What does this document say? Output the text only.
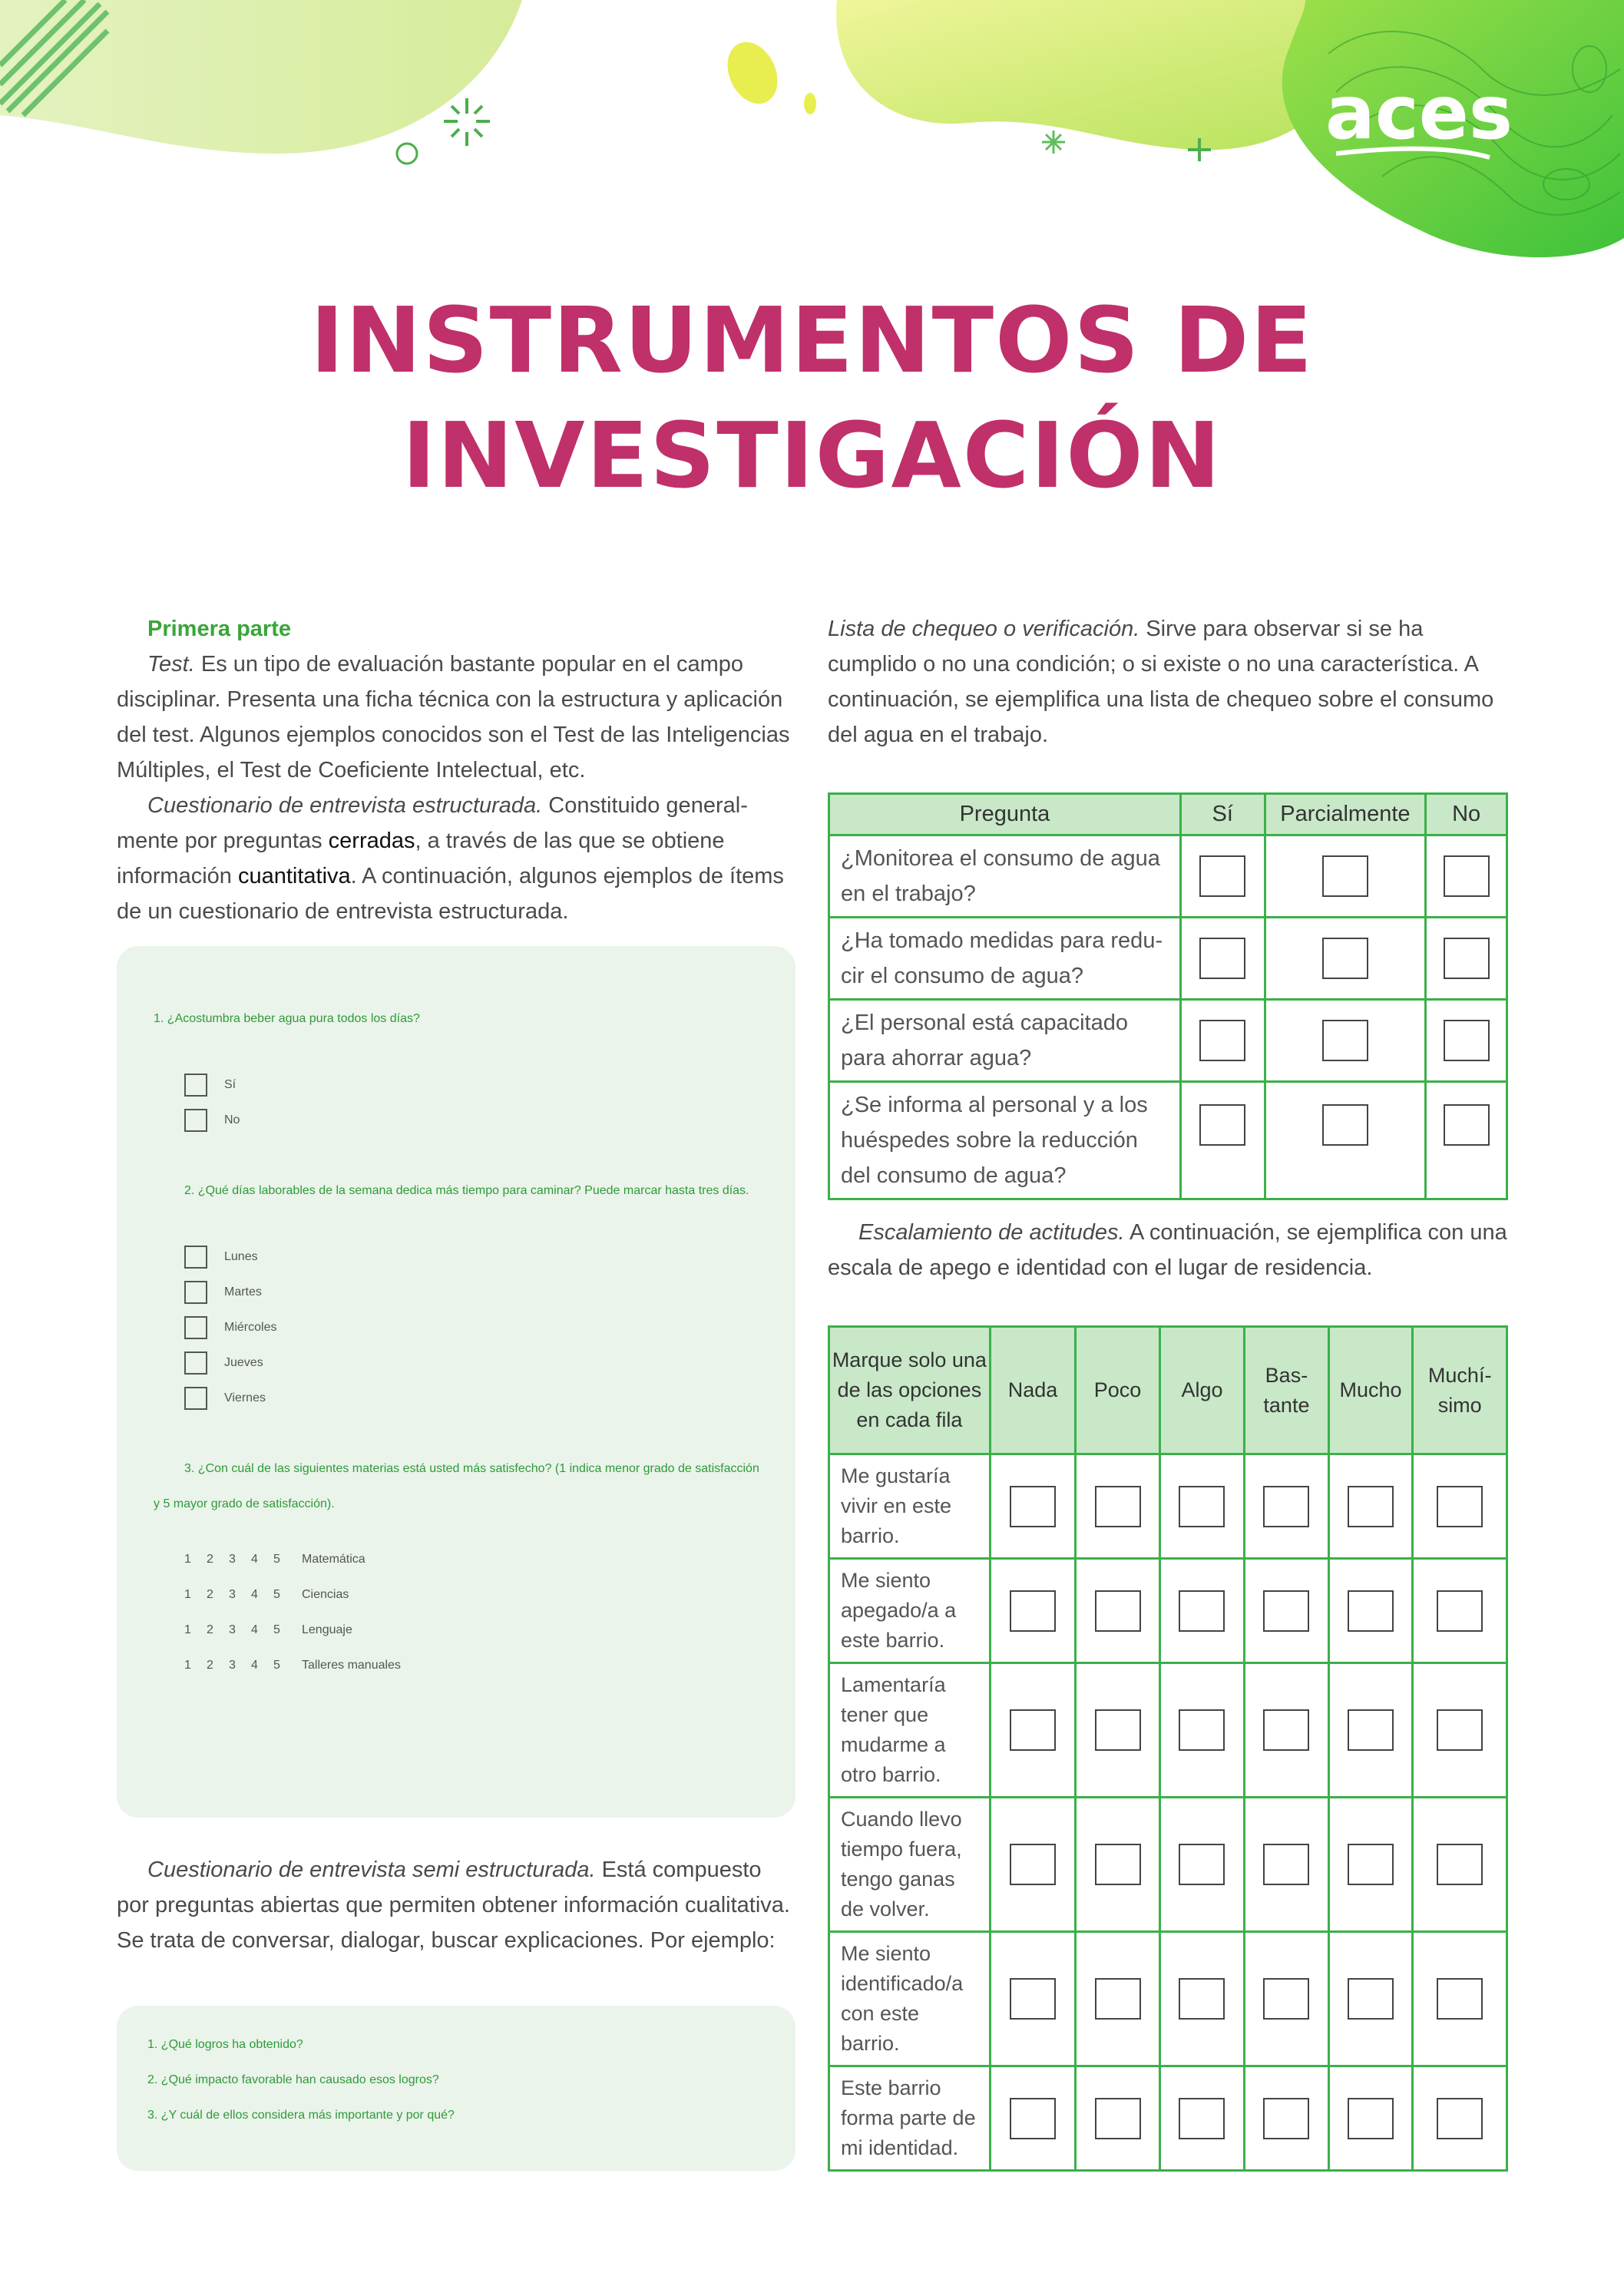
aces
INSTRUMENTOS DE
INVESTIGACIÓN

Primera parte

Test. Es un tipo de evaluación bastante popular en el campo disciplinar. Presenta una ficha técnica con la estructura y aplicación del test. Algunos ejemplos conocidos son el Test de las Inteligencias Múltiples, el Test de Coeficiente Intelectual, etc.

Cuestionario de entrevista estructurada. Constituido generalmente por preguntas cerradas, a través de las que se obtiene información cuantitativa. A continuación, algunos ejemplos de ítems de un cuestionario de entrevista estructurada.

1. ¿Acostumbra beber agua pura todos los días?

Sí
No

2. ¿Qué días laborables de la semana dedica más tiempo para caminar? Puede marcar hasta tres días.

Lunes
Martes
Miércoles
Jueves
Viernes

3. ¿Con cuál de las siguientes materias está usted más satisfecho? (1 indica menor grado de satisfacción y 5 mayor grado de satisfacción).

1 2 3 4 5	Matemática
1 2 3 4 5	Ciencias
1 2 3 4 5	Lenguaje
1 2 3 4 5	Talleres manuales

Cuestionario de entrevista semi estructurada. Está compuesto por preguntas abiertas que permiten obtener información cualitativa. Se trata de conversar, dialogar, buscar explicaciones. Por ejemplo:

1. ¿Qué logros ha obtenido?

2. ¿Qué impacto favorable han causado esos logros?

3. ¿Y cuál de ellos considera más importante y por qué?

Lista de chequeo o verificación. Sirve para observar si se ha cumplido o no una condición; o si existe o no una característica. A continuación, se ejemplifica una lista de chequeo sobre el consumo del agua en el trabajo.

Pregunta	Sí	Parcialmente	No
¿Monitorea el consumo de agua en el trabajo?			
¿Ha tomado medidas para reducir el consumo de agua?			
¿El personal está capacitado para ahorrar agua?			
¿Se informa al personal y a los huéspedes sobre la reducción del consumo de agua?			

Escalamiento de actitudes. A continuación, se ejemplifica con una escala de apego e identidad con el lugar de residencia.

Marque solo una de las opciones en cada fila	Nada	Poco	Algo	Bas- tante	Mucho	Muchí- simo
Me gustaría vivir en este barrio.						
Me siento apegado/a a este barrio.						
Lamentaría tener que mudarme a otro barrio.						
Cuando llevo tiempo fuera, tengo ganas de volver.						
Me siento identificado/a con este barrio.						
Este barrio forma parte de mi identidad.						
